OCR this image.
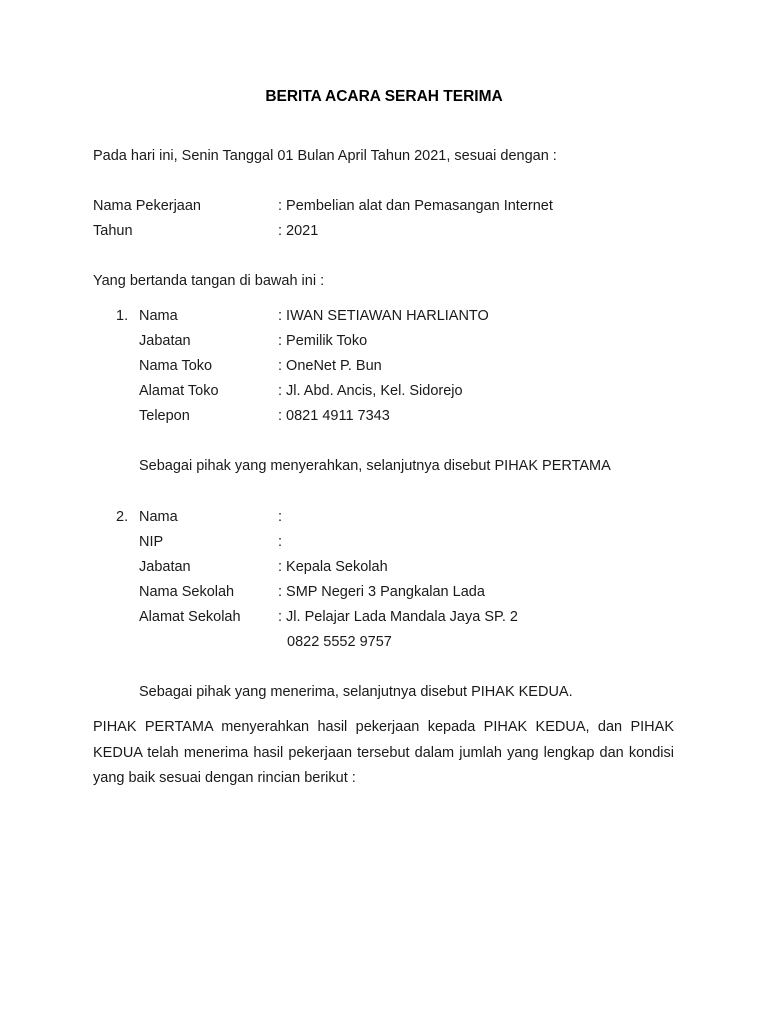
BERITA ACARA SERAH TERIMA
Pada hari ini, Senin Tanggal 01 Bulan April Tahun 2021, sesuai dengan :
Nama Pekerjaan	: Pembelian alat dan Pemasangan Internet
Tahun	: 2021
Yang bertanda tangan di bawah ini :
1. Nama	: IWAN SETIAWAN HARLIANTO
Jabatan	: Pemilik Toko
Nama Toko	: OneNet P. Bun
Alamat Toko	: Jl. Abd. Ancis, Kel. Sidorejo
Telepon	: 0821 4911 7343
Sebagai pihak yang menyerahkan, selanjutnya disebut PIHAK PERTAMA
2. Nama	:
NIP	:
Jabatan	: Kepala Sekolah
Nama Sekolah	: SMP Negeri 3 Pangkalan Lada
Alamat Sekolah	: Jl. Pelajar Lada Mandala Jaya SP. 2
0822 5552 9757
Sebagai pihak yang menerima, selanjutnya disebut PIHAK KEDUA.
PIHAK PERTAMA menyerahkan hasil pekerjaan kepada PIHAK KEDUA, dan PIHAK KEDUA telah menerima hasil pekerjaan tersebut dalam jumlah yang lengkap dan kondisi yang baik sesuai dengan rincian berikut :
